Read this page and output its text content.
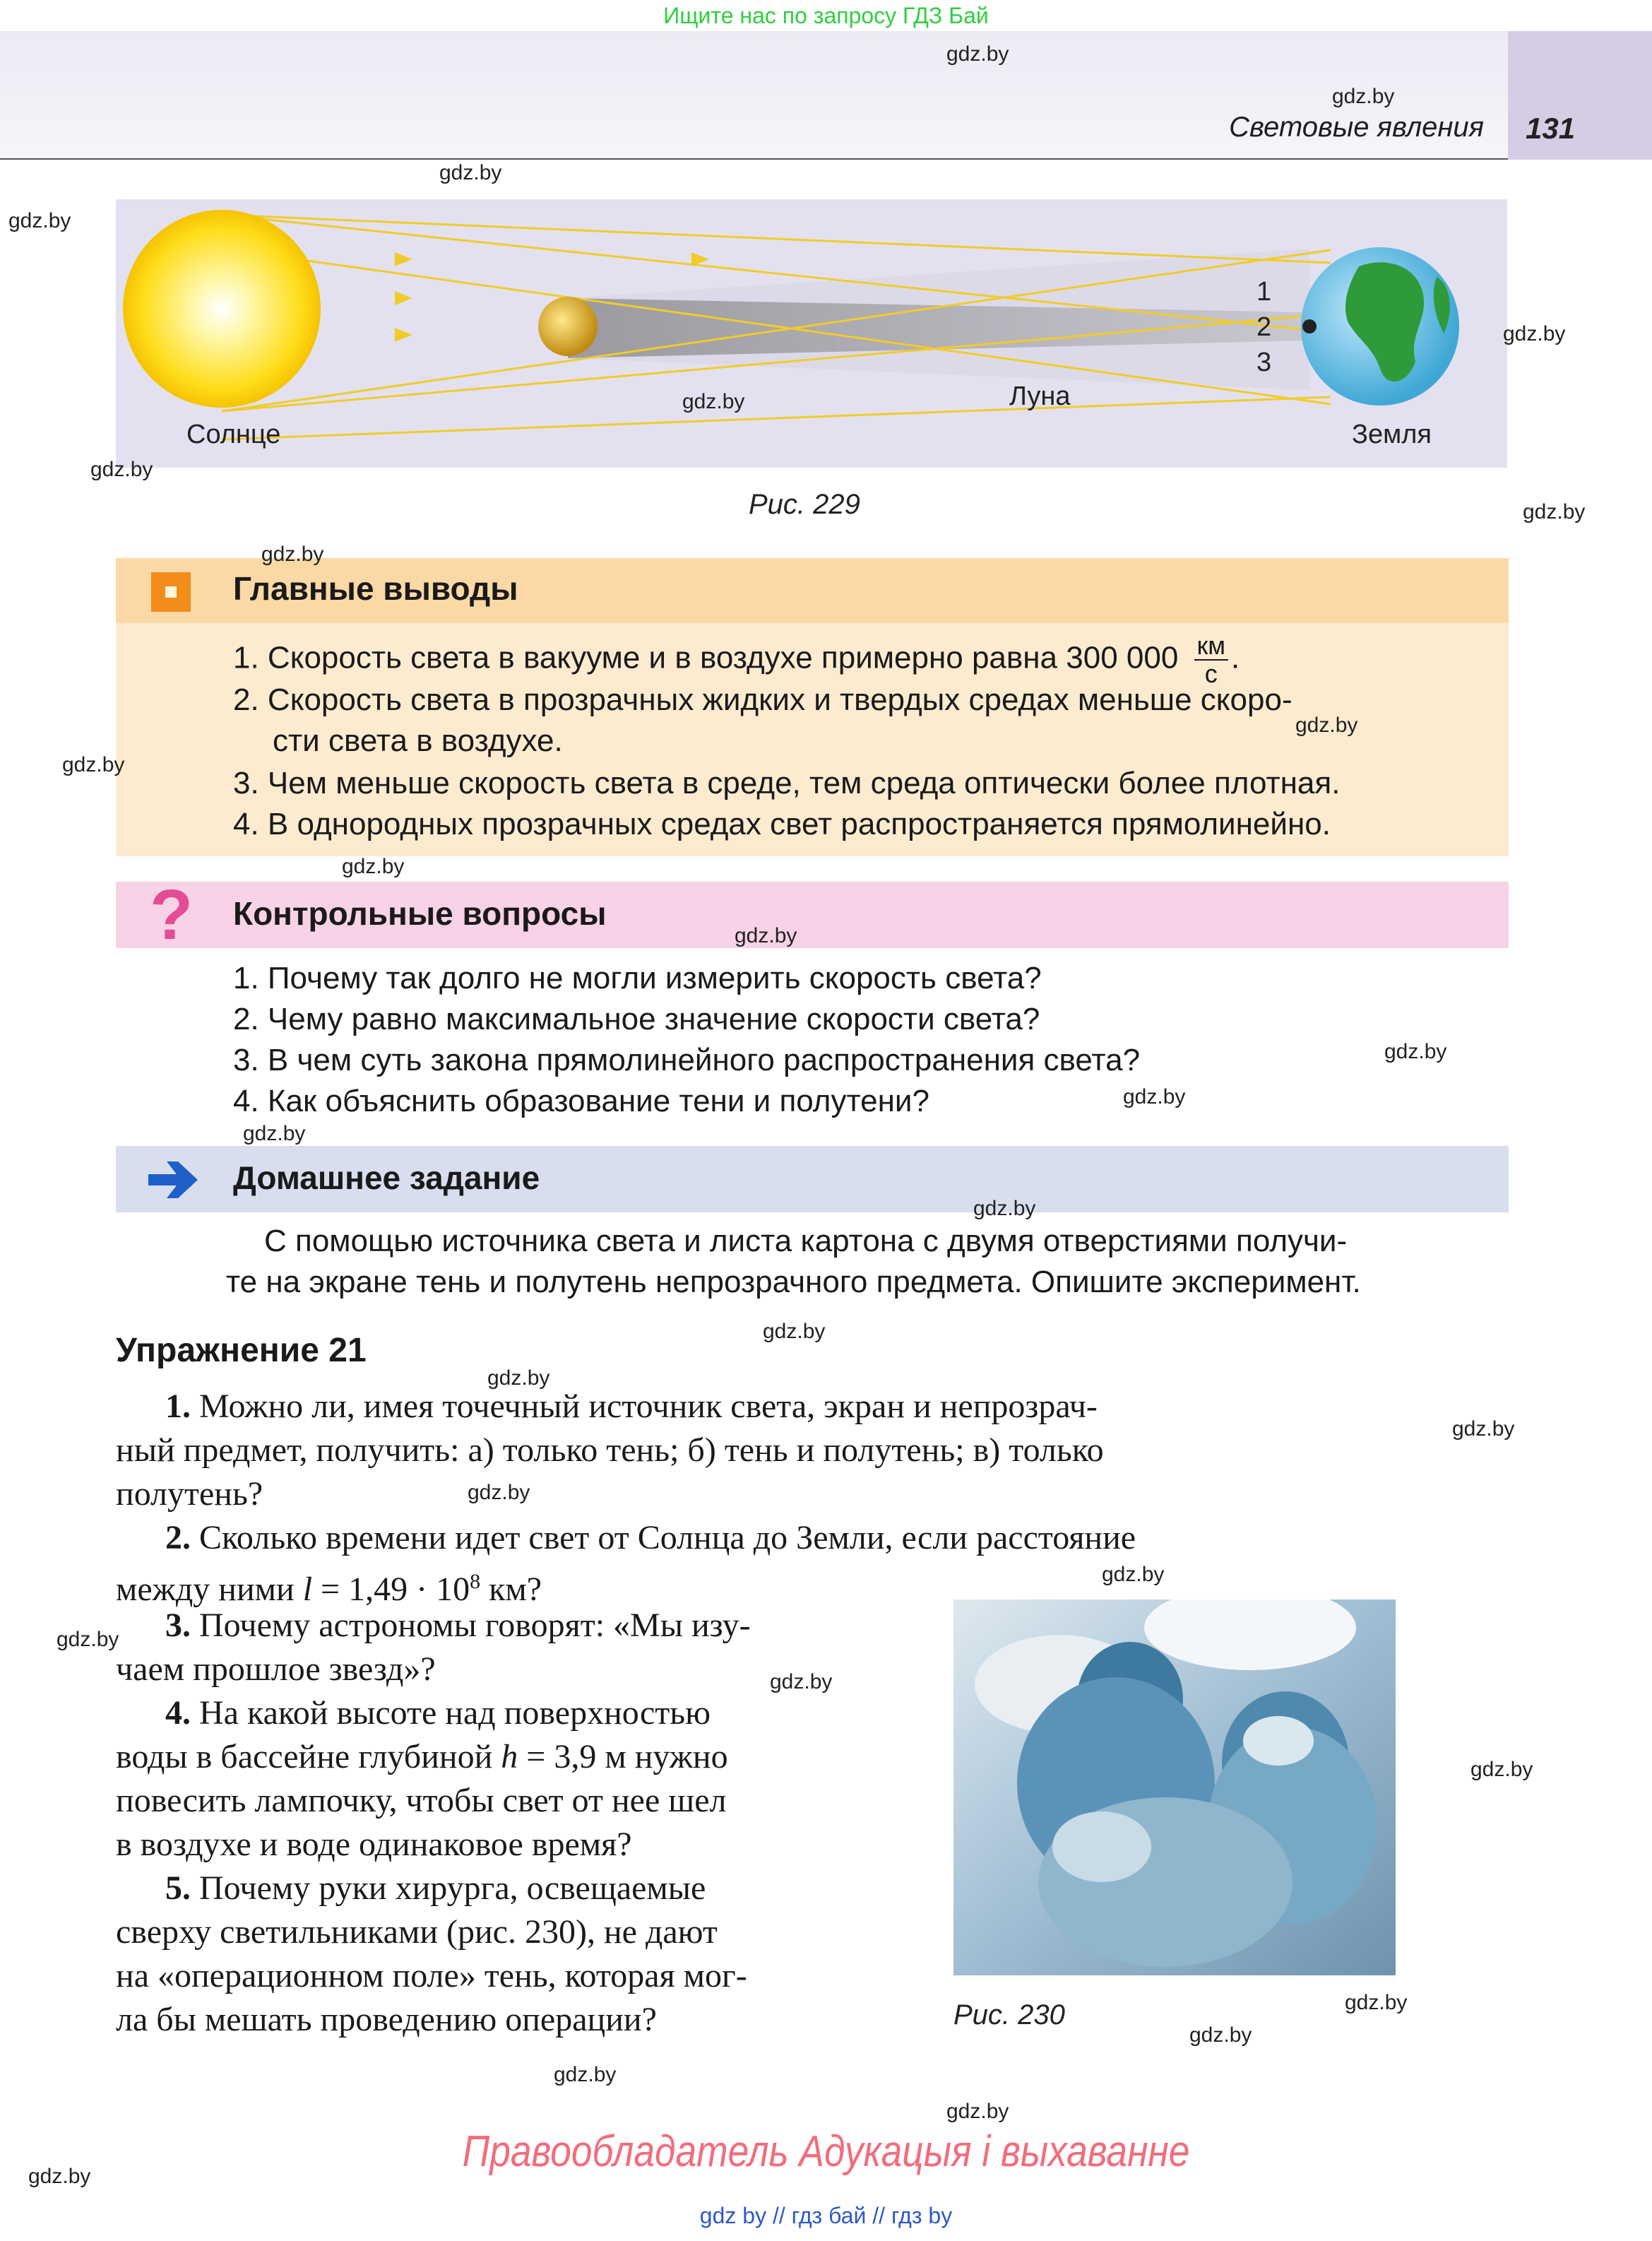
Ищите нас по запросу ГДЗ Бай
Световые явления 131
Солнце
Луна
Земля
1
2
3
Рис. 229
Главные выводы
1. Скорость света в вакууме и в воздухе примерно равна 300 000 км
с .
2. Скорость света в прозрачных жидких и твердых средах меньше скоро-
сти света в воздухе.
3. Чем меньше скорость света в среде, тем среда оптически более плотная.
4. В однородных прозрачных средах свет распространяется прямолинейно.
? Контрольные вопросы
1. Почему так долго не могли измерить скорость света?
2. Чему равно максимальное значение скорости света?
3. В чем суть закона прямолинейного распространения света?
4. Как объяснить образование тени и полутени?
Домашнее задание
С помощью источника света и листа картона с двумя отверстиями получи-
те на экране тень и полутень непрозрачного предмета. Опишите эксперимент.
Упражнение 21
1. Можно ли, имея точечный источник света, экран и непрозрач-
ный предмет, получить: а) только тень; б) тень и полутень; в) только
полутень?
2. Сколько времени идет свет от Солнца до Земли, если расстояние
между ними $l = 1,49 \cdot 10^8$ км?
3. Почему астрономы говорят: «Мы изу-
чаем прошлое звезд»?
4. На какой высоте над поверхностью
воды в бассейне глубиной h = 3,9 м нужно
повесить лампочку, чтобы свет от нее шел
в воздухе и воде одинаковое время?
5. Почему руки хирурга, освещаемые
сверху светильниками (рис. 230), не дают
на «операционном поле» тень, которая мог-
ла бы мешать проведению операции?	Рис. 230
gdz.by
gdz.by
gdz.by
gdz.by
gdz.by
gdz.by
gdz.by
gdz.by
gdz.by
gdz.by
gdz.by
gdz.by
gdz.by
gdz.by
gdz.by
gdz.by
gdz.by
gdz.by
gdz.by
gdz.by
gdz.by
gdz.by
gdz.by
gdz.by
gdz.by
gdz.by
gdz.by
gdz.by
gdz.by
gdz.by
Правообладатель Адукацыя і выхаванне
gdz by // гдз бай // гдз by
